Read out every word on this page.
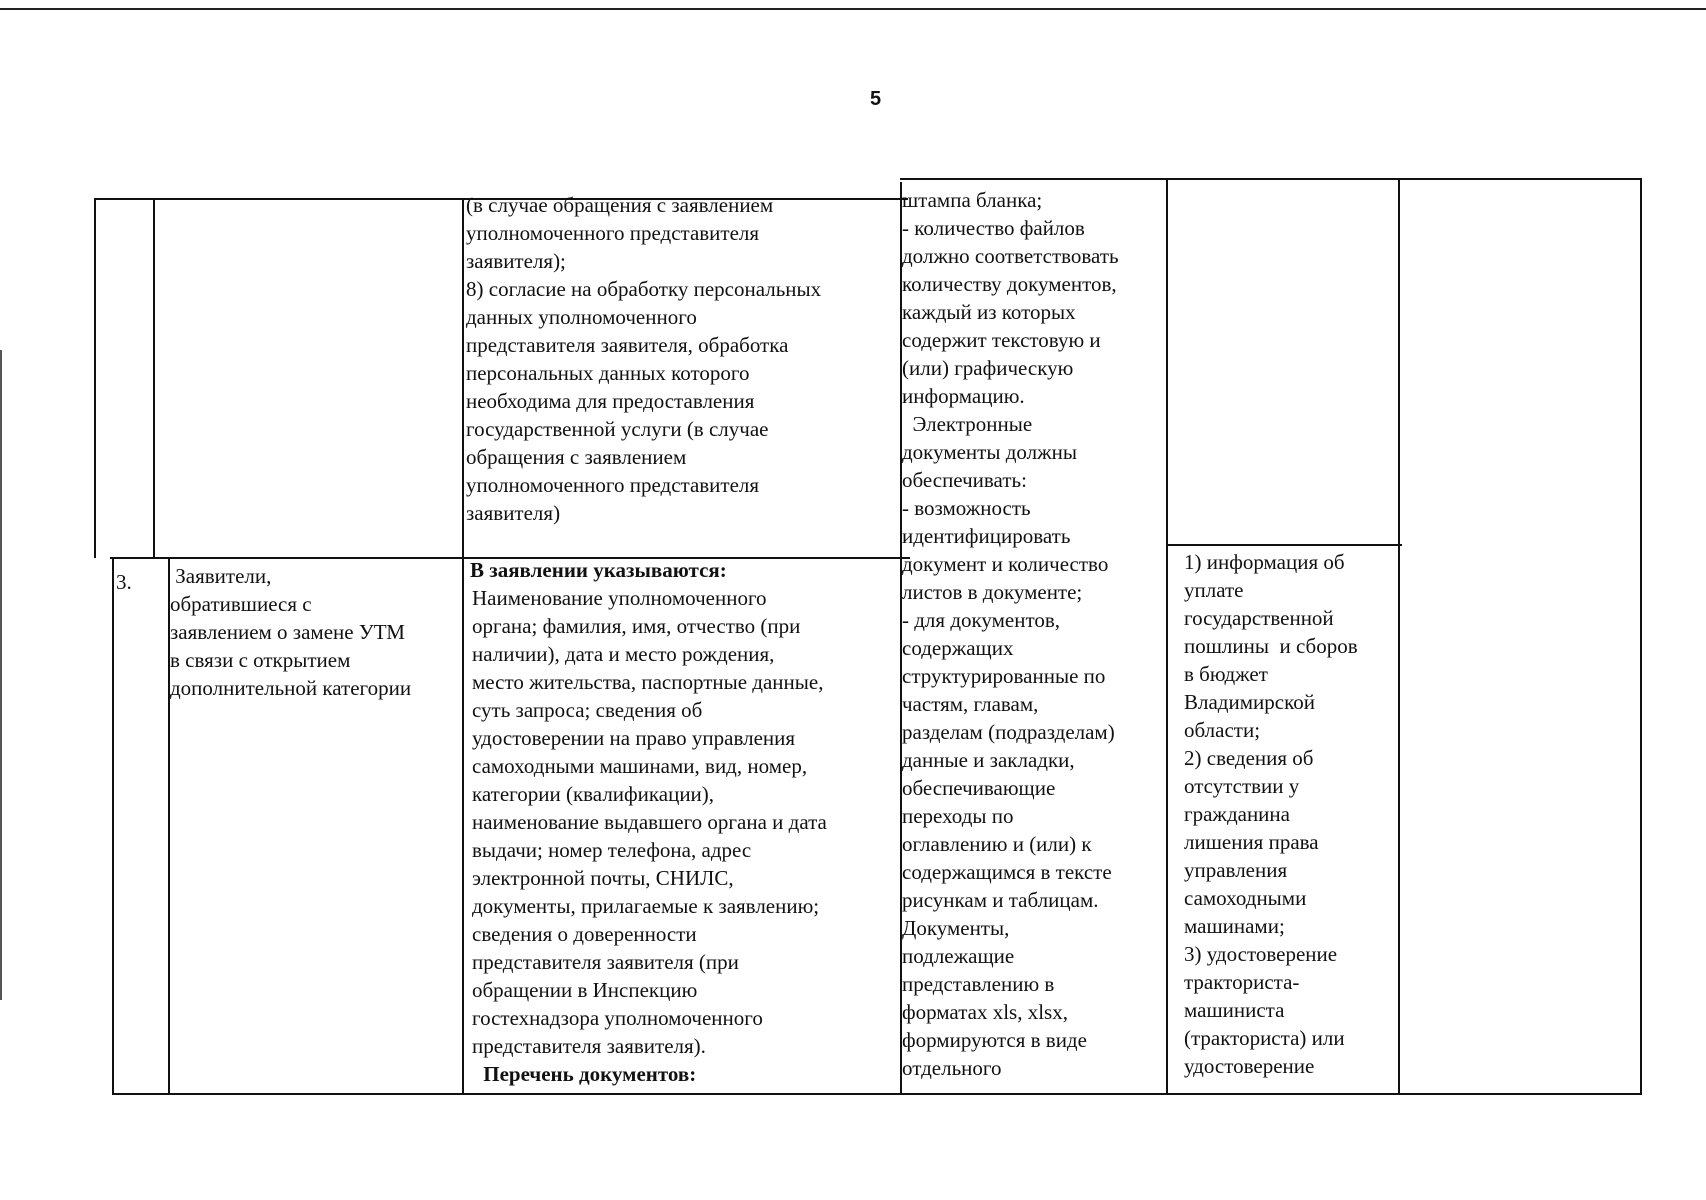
5
(в случае обращения с заявлением
уполномоченного представителя
заявителя);
8) согласие на обработку персональных
данных уполномоченного
представителя заявителя, обработка
персональных данных которого
необходима для предоставления
государственной услуги (в случае
обращения с заявлением
уполномоченного представителя
заявителя)
штампа бланка;
- количество файлов
должно соответствовать
количеству документов,
каждый из которых
содержит текстовую и
(или) графическую
информацию.
Электронные
документы должны
обеспечивать:
- возможность
идентифицировать
документ и количество
листов в документе;
- для документов,
содержащих
структурированные по
частям, главам,
разделам (подразделам)
данные и закладки,
обеспечивающие
переходы по
оглавлению и (или) к
содержащимся в тексте
рисункам и таблицам.
Документы,
подлежащие
представлению в
форматах xls, xlsx,
формируются в виде
отдельного
3.	Заявители,
обратившиеся с
заявлением о замене УТМ
в связи с открытием
дополнительной категории
В заявлении указываются:
Наименование уполномоченного
органа; фамилия, имя, отчество (при
наличии), дата и место рождения,
место жительства, паспортные данные,
суть запроса; сведения об
удостоверении на право управления
самоходными машинами, вид, номер,
категории (квалификации),
наименование выдавшего органа и дата
выдачи; номер телефона, адрес
электронной почты, СНИЛС,
документы, прилагаемые к заявлению;
сведения о доверенности
представителя заявителя (при
обращении в Инспекцию
гостехнадзора уполномоченного
представителя заявителя).
Перечень документов:
1) информация об
уплате
государственной
пошлины  и сборов
в бюджет
Владимирской
области;
2) сведения об
отсутствии у
гражданина
лишения права
управления
самоходными
машинами;
3) удостоверение
тракториста-
машиниста
(тракториста) или
удостоверение
